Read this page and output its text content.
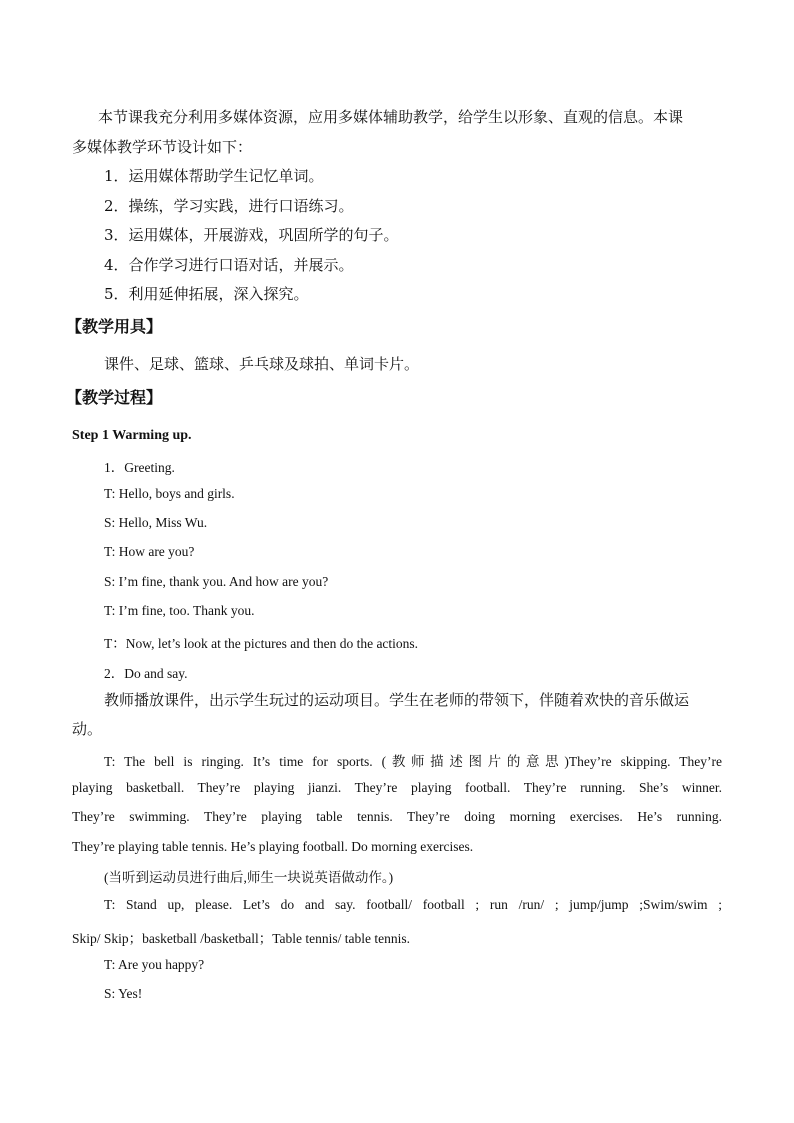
本节课我充分利用多媒体资源，应用多媒体辅助教学，给学生以形象、直观的信息。本课
多媒体教学环节设计如下：
1．运用媒体帮助学生记忆单词。
2．操练，学习实践，进行口语练习。
3．运用媒体，开展游戏，巩固所学的句子。
4．合作学习进行口语对话，并展示。
5．利用延伸拓展，深入探究。
【教学用具】
课件、足球、篮球、乒乓球及球拍、单词卡片。
【教学过程】
Step 1 Warming up.
1．Greeting.
T: Hello, boys and girls.
S: Hello, Miss Wu.
T: How are you?
S: I’m fine, thank you. And how are you?
T: I’m fine, too. Thank you.
T：Now, let’s look at the pictures and then do the actions.
2．Do and say.
教师播放课件，出示学生玩过的运动项目。学生在老师的带领下，伴随着欢快的音乐做运
动。
T: The bell is ringing. It’s time for sports. (教师描述图片的意思)They’re skipping. They’re
playing basketball. They’re playing jianzi. They’re playing football. They’re running. She’s winner.
They’re swimming. They’re playing table tennis. They’re doing morning exercises. He’s running.
They’re playing table tennis. He’s playing football. Do morning exercises.
(当听到运动员进行曲后,师生一块说英语做动作。)
T: Stand up, please. Let’s do and say. football/ football ; run /run/ ; jump/jump ;Swim/swim ;
Skip/ Skip；basketball /basketball；Table tennis/ table tennis.
T: Are you happy?
S: Yes!
